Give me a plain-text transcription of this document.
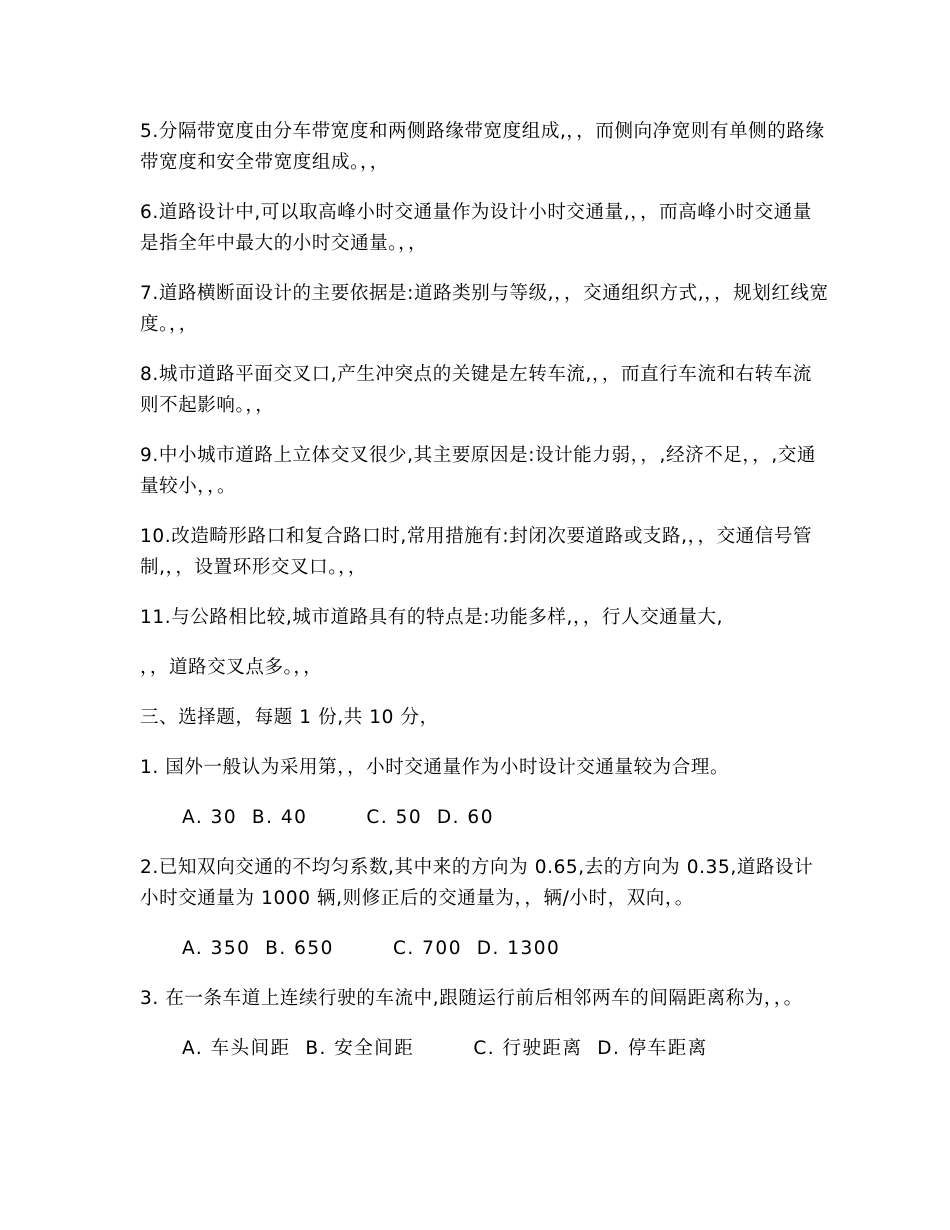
5.分隔带宽度由分车带宽度和两侧路缘带宽度组成,，，而侧向净宽则有单侧的路缘带宽度和安全带宽度组成。，，
6.道路设计中,可以取高峰小时交通量作为设计小时交通量,，，而高峰小时交通量是指全年中最大的小时交通量。，，
7.道路横断面设计的主要依据是:道路类别与等级,，，交通组织方式,，，规划红线宽度。，，
8.城市道路平面交叉口,产生冲突点的关键是左转车流,，，而直行车流和右转车流则不起影响。，，
9.中小城市道路上立体交叉很少,其主要原因是:设计能力弱，，,经济不足，，,交通量较小，，。
10.改造畸形路口和复合路口时,常用措施有:封闭次要道路或支路,，，交通信号管制,，，设置环形交叉口。，，
11.与公路相比较,城市道路具有的特点是:功能多样,，，行人交通量大,
，，道路交叉点多。，，
三、选择题，每题 1 份,共 10 分，
1. 国外一般认为采用第，，小时交通量作为小时设计交通量较为合理。
A. 30  B. 40        C. 50  D. 60
2.已知双向交通的不均匀系数,其中来的方向为 0.65,去的方向为 0.35,道路设计小时交通量为 1000 辆,则修正后的交通量为，，辆/小时，双向，。
A. 350  B. 650        C. 700  D. 1300
3. 在一条车道上连续行驶的车流中,跟随运行前后相邻两车的间隔距离称为，，。
A. 车头间距  B. 安全间距        C. 行驶距离  D. 停车距离
